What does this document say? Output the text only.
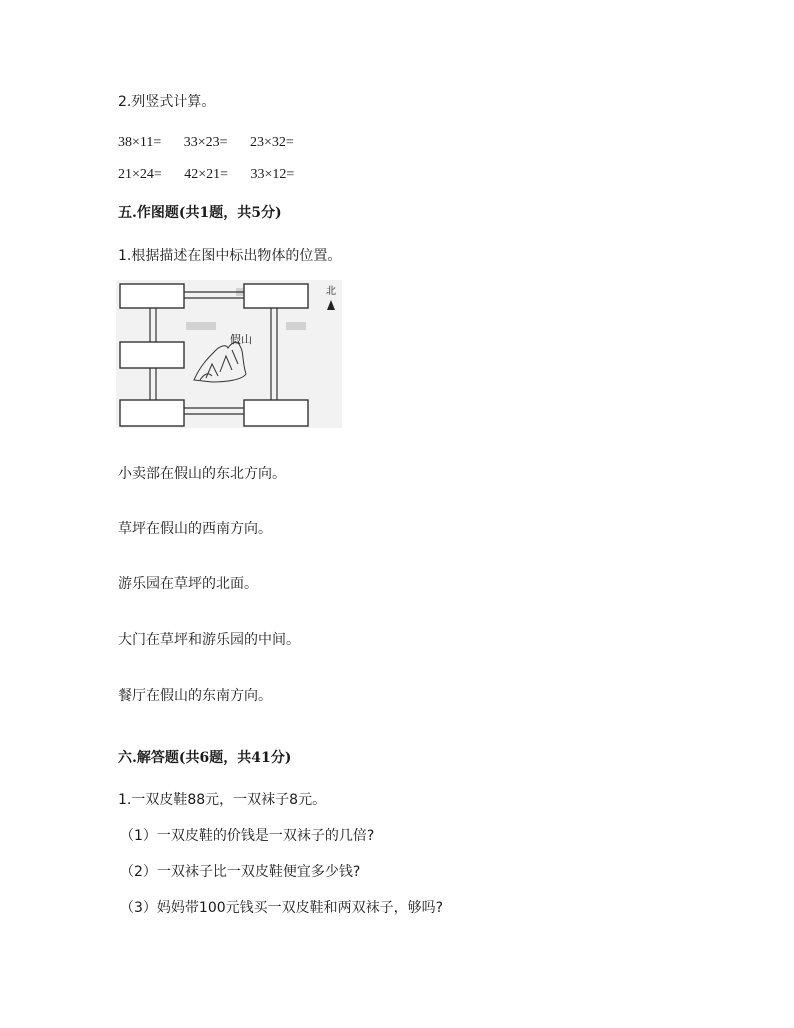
2.列竖式计算。
38×11= 33×23= 23×32=
21×24= 42×21= 33×12=
五.作图题(共1题，共5分)
1.根据描述在图中标出物体的位置。
假山
北
小卖部在假山的东北方向。
草坪在假山的西南方向。
游乐园在草坪的北面。
大门在草坪和游乐园的中间。
餐厅在假山的东南方向。
六.解答题(共6题，共41分)
1.一双皮鞋88元，一双袜子8元。
（1）一双皮鞋的价钱是一双袜子的几倍?
（2）一双袜子比一双皮鞋便宜多少钱?
（3）妈妈带100元钱买一双皮鞋和两双袜子，够吗?
